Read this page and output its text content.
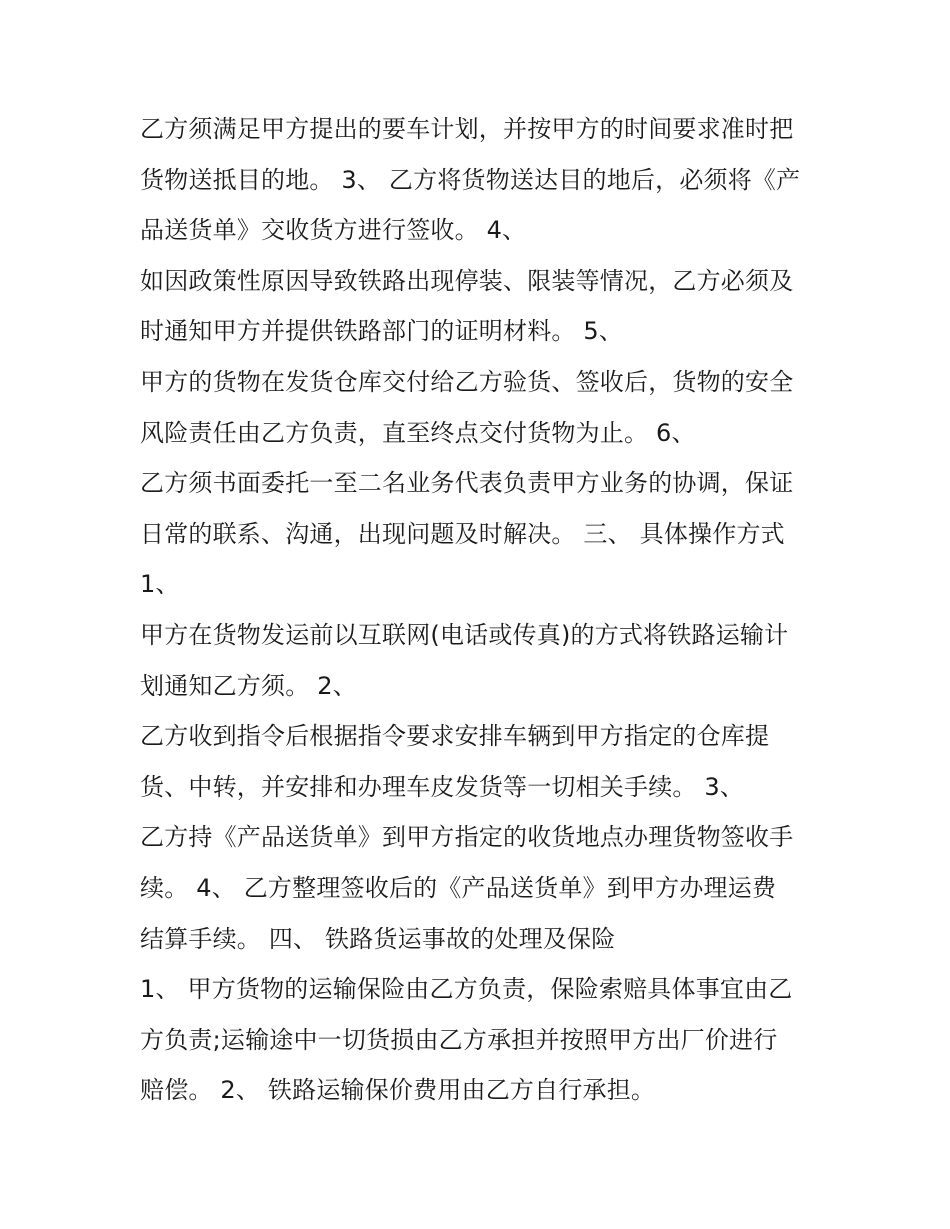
乙方须满足甲方提出的要车计划，并按甲方的时间要求准时把
货物送抵目的地。 3、 乙方将货物送达目的地后，必须将《产
品送货单》交收货方进行签收。 4、
如因政策性原因导致铁路出现停装、限装等情况，乙方必须及
时通知甲方并提供铁路部门的证明材料。 5、
甲方的货物在发货仓库交付给乙方验货、签收后，货物的安全
风险责任由乙方负责，直至终点交付货物为止。 6、
乙方须书面委托一至二名业务代表负责甲方业务的协调，保证
日常的联系、沟通，出现问题及时解决。 三、 具体操作方式
1、
甲方在货物发运前以互联网(电话或传真)的方式将铁路运输计
划通知乙方须。 2、
乙方收到指令后根据指令要求安排车辆到甲方指定的仓库提
货、中转，并安排和办理车皮发货等一切相关手续。 3、
乙方持《产品送货单》到甲方指定的收货地点办理货物签收手
续。 4、 乙方整理签收后的《产品送货单》到甲方办理运费
结算手续。 四、 铁路货运事故的处理及保险
1、 甲方货物的运输保险由乙方负责，保险索赔具体事宜由乙
方负责;运输途中一切货损由乙方承担并按照甲方出厂价进行
赔偿。 2、 铁路运输保价费用由乙方自行承担。
